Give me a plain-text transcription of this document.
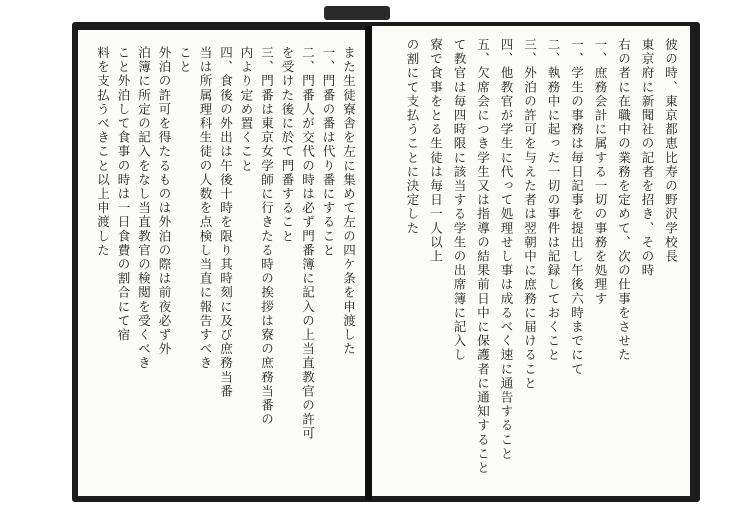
また生徒寮舎を左に集めて左の四ケ条を申渡した
一、門番の番は代り番にすること
二、門番人が交代の時は必ず門番簿に記入の上当直教官の許可
を受けた後に於て門番すること
三、門番は東京女学師に行きたる時の挨拶は寮の庶務当番の
内より定め置くこと
四、食後の外出は午後十時を限り其時刻に及び庶務当番
当は所属理科生徒の人数を点検し当直に報告すべき
こと
外泊の許可を得たるものは外泊の際は前夜必ず外
泊簿に所定の記入をなし当直教官の検閲を受くべき
こと外泊して食事の時は一日食費の割合にて宿
料を支払うべきこと以上申渡した	彼の時、東京都恵比寿の野沢学校長
東京府に新聞社の記者を招き、その時
右の者に在職中の業務を定めて、次の仕事をさせた
一、庶務会計に属する一切の事務を処理す
一、学生の事務は毎日記事を提出し午後六時までにて
二、執務中に起った一切の事件は記録しておくこと
三、外泊の許可を与えた者は翌朝中に庶務に届けること
四、他教官が学生に代って処理せし事は成るべく速に通告すること
五、欠席会につき学生又は指導の結果前日中に保護者に通知すること
て教官は毎四時限に該当する学生の出席簿に記入し
寮で食事をとる生徒は毎日一人以上
の割にて支払うことに決定した
